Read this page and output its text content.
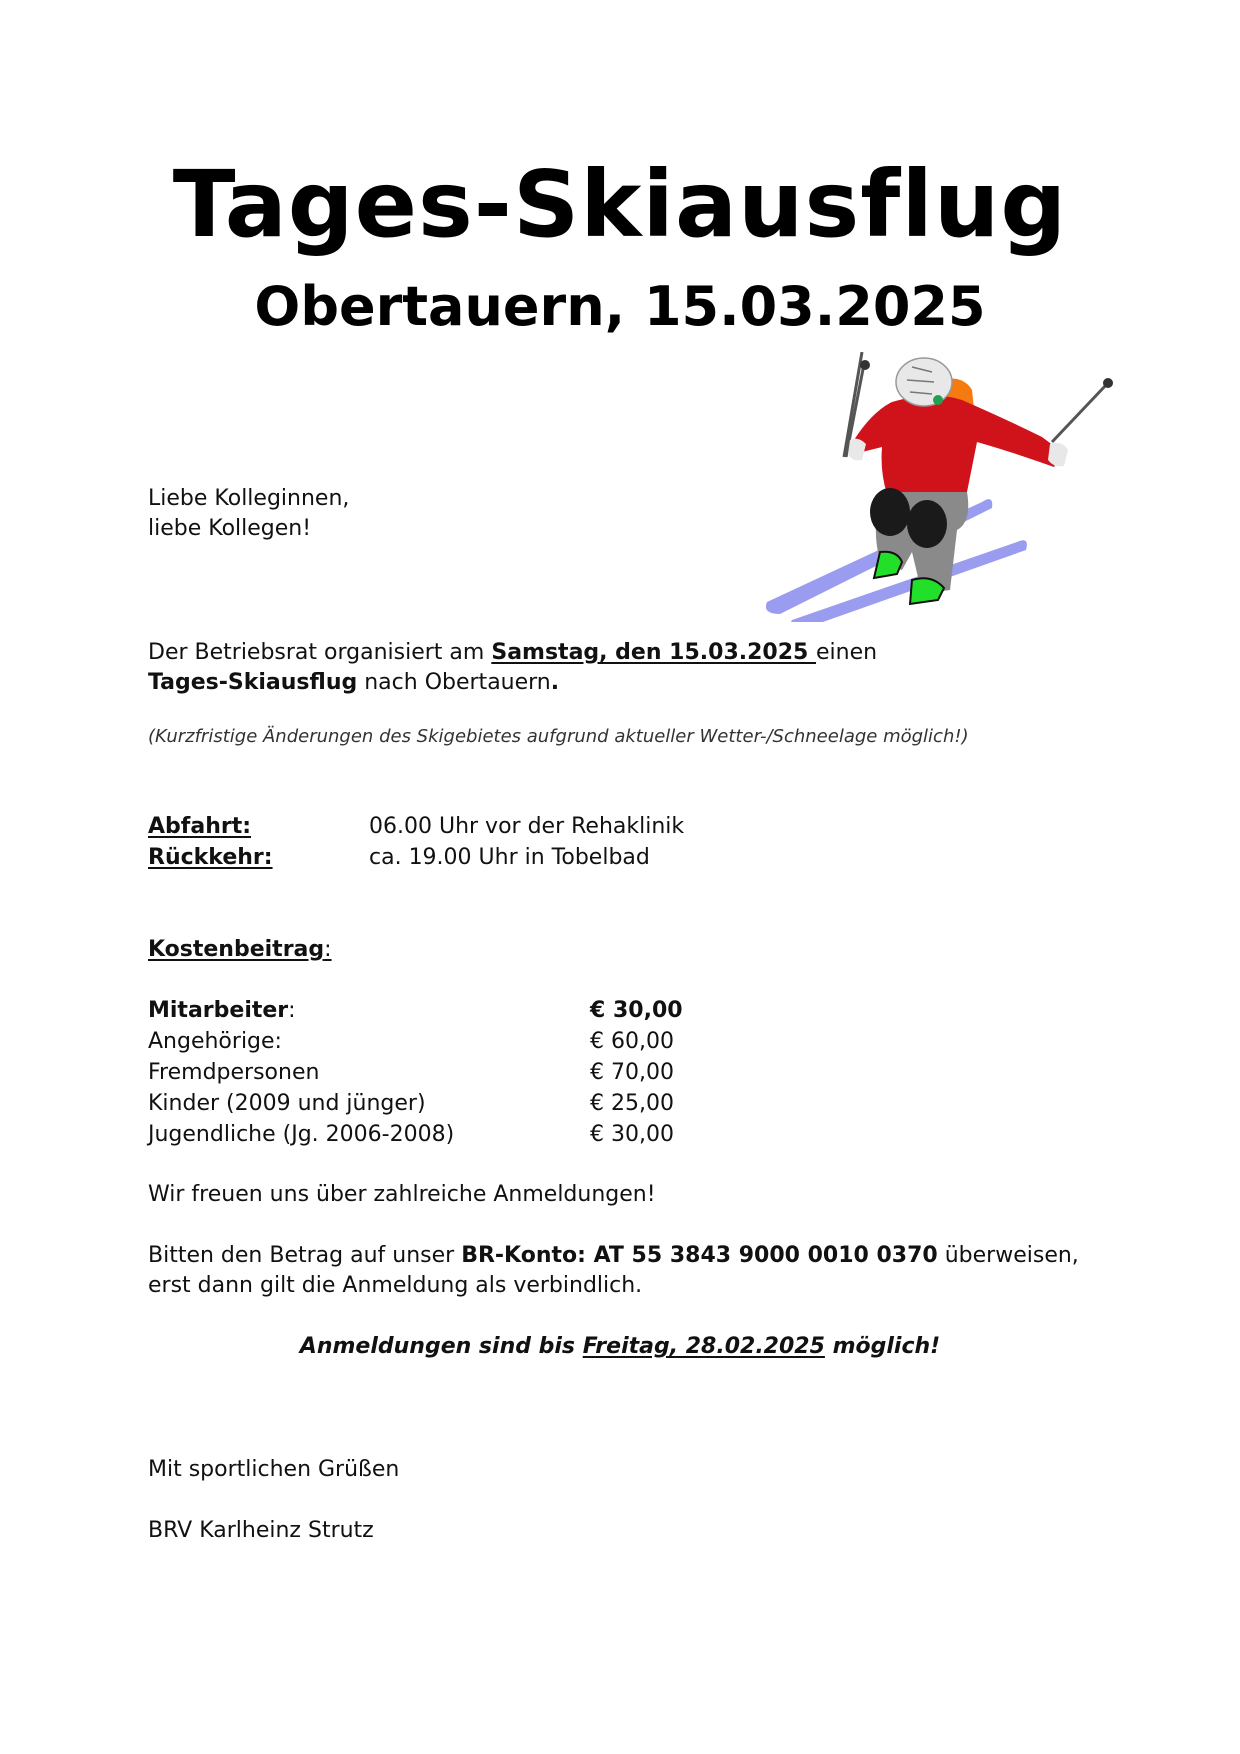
Tages-Skiausflug
Obertauern, 15.03.2025
Liebe Kolleginnen,
liebe Kollegen!
Der Betriebsrat organisiert am Samstag, den 15.03.2025 einen
Tages-Skiausflug nach Obertauern.
(Kurzfristige Änderungen des Skigebietes aufgrund aktueller Wetter-/Schneelage möglich!)
Abfahrt:	06.00 Uhr vor der Rehaklinik
Rückkehr:	ca. 19.00 Uhr in Tobelbad
Kostenbeitrag:
Mitarbeiter:	€ 30,00
Angehörige:	€ 60,00
Fremdpersonen	€ 70,00
Kinder (2009 und jünger)	€ 25,00
Jugendliche (Jg. 2006-2008)	€ 30,00
Wir freuen uns über zahlreiche Anmeldungen!
Bitten den Betrag auf unser BR-Konto: AT 55 3843 9000 0010 0370 überweisen,
erst dann gilt die Anmeldung als verbindlich.
Anmeldungen sind bis Freitag, 28.02.2025 möglich!
Mit sportlichen Grüßen
BRV Karlheinz Strutz
